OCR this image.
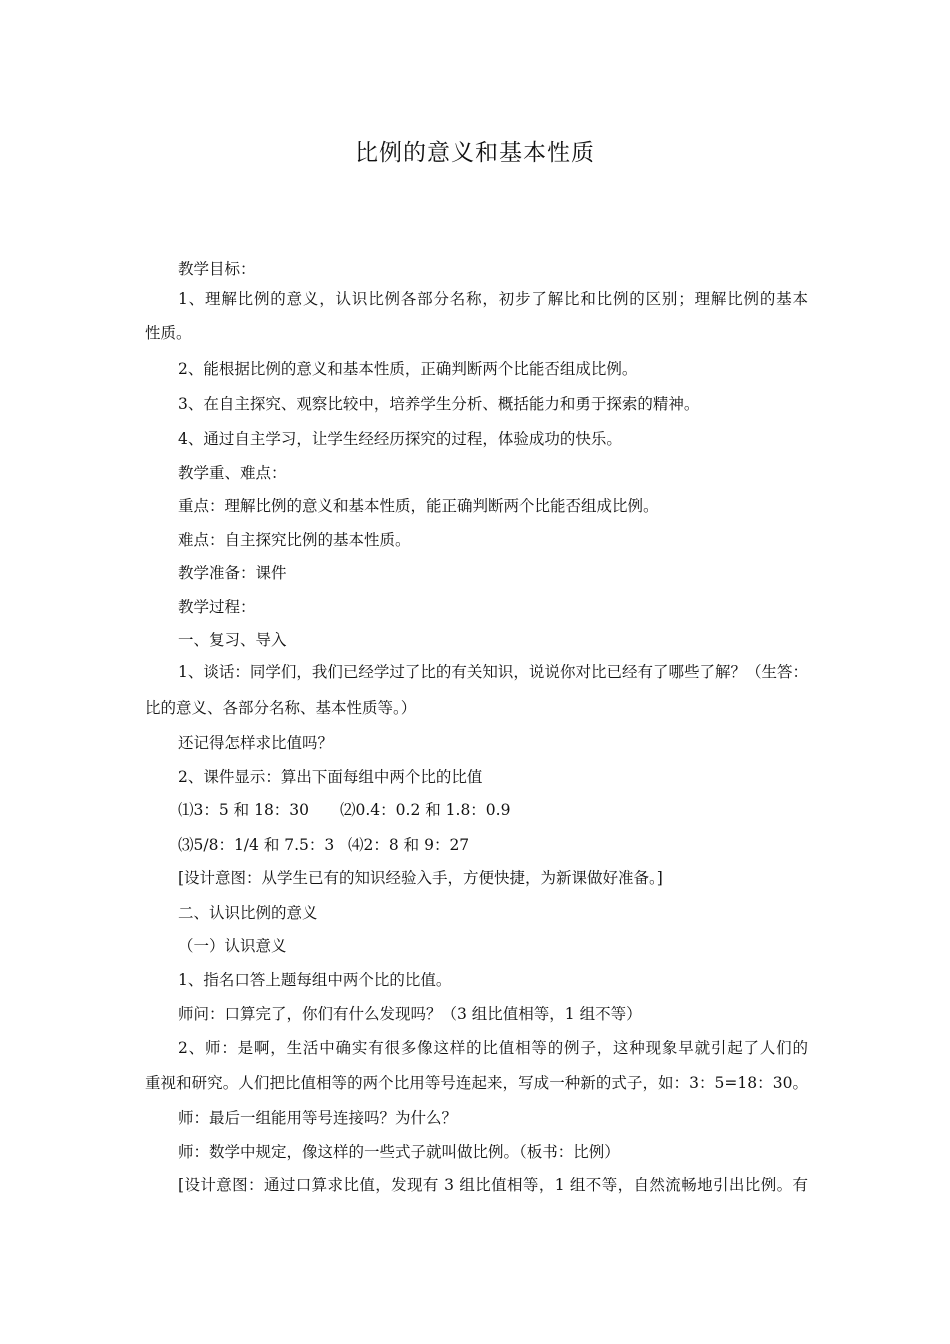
比例的意义和基本性质
教学目标：
1、理解比例的意义，认识比例各部分名称，初步了解比和比例的区别；理解比例的基本
性质。
2、能根据比例的意义和基本性质，正确判断两个比能否组成比例。
3、在自主探究、观察比较中，培养学生分析、概括能力和勇于探索的精神。
4、通过自主学习，让学生经经历探究的过程，体验成功的快乐。
教学重、难点：
重点：理解比例的意义和基本性质，能正确判断两个比能否组成比例。
难点：自主探究比例的基本性质。
教学准备：课件
教学过程：
一、复习、导入
1、谈话：同学们，我们已经学过了比的有关知识，说说你对比已经有了哪些了解？（生答：
比的意义、各部分名称、基本性质等。）
还记得怎样求比值吗？
2、课件显示：算出下面每组中两个比的比值
⑴3：5 和 18：30 ⑵0.4：0.2 和 1.8：0.9
⑶5/8：1/4 和 7.5：3 ⑷2：8 和 9：27
[设计意图：从学生已有的知识经验入手，方便快捷，为新课做好准备。]
二、认识比例的意义
（一）认识意义
1、指名口答上题每组中两个比的比值。
师问：口算完了，你们有什么发现吗？（3 组比值相等，1 组不等）
2、师：是啊，生活中确实有很多像这样的比值相等的例子，这种现象早就引起了人们的
重视和研究。人们把比值相等的两个比用等号连起来，写成一种新的式子，如：3：5=18：30。
师：最后一组能用等号连接吗？为什么？
师：数学中规定，像这样的一些式子就叫做比例。（板书：比例）
[设计意图：通过口算求比值，发现有 3 组比值相等，1 组不等，自然流畅地引出比例。有
